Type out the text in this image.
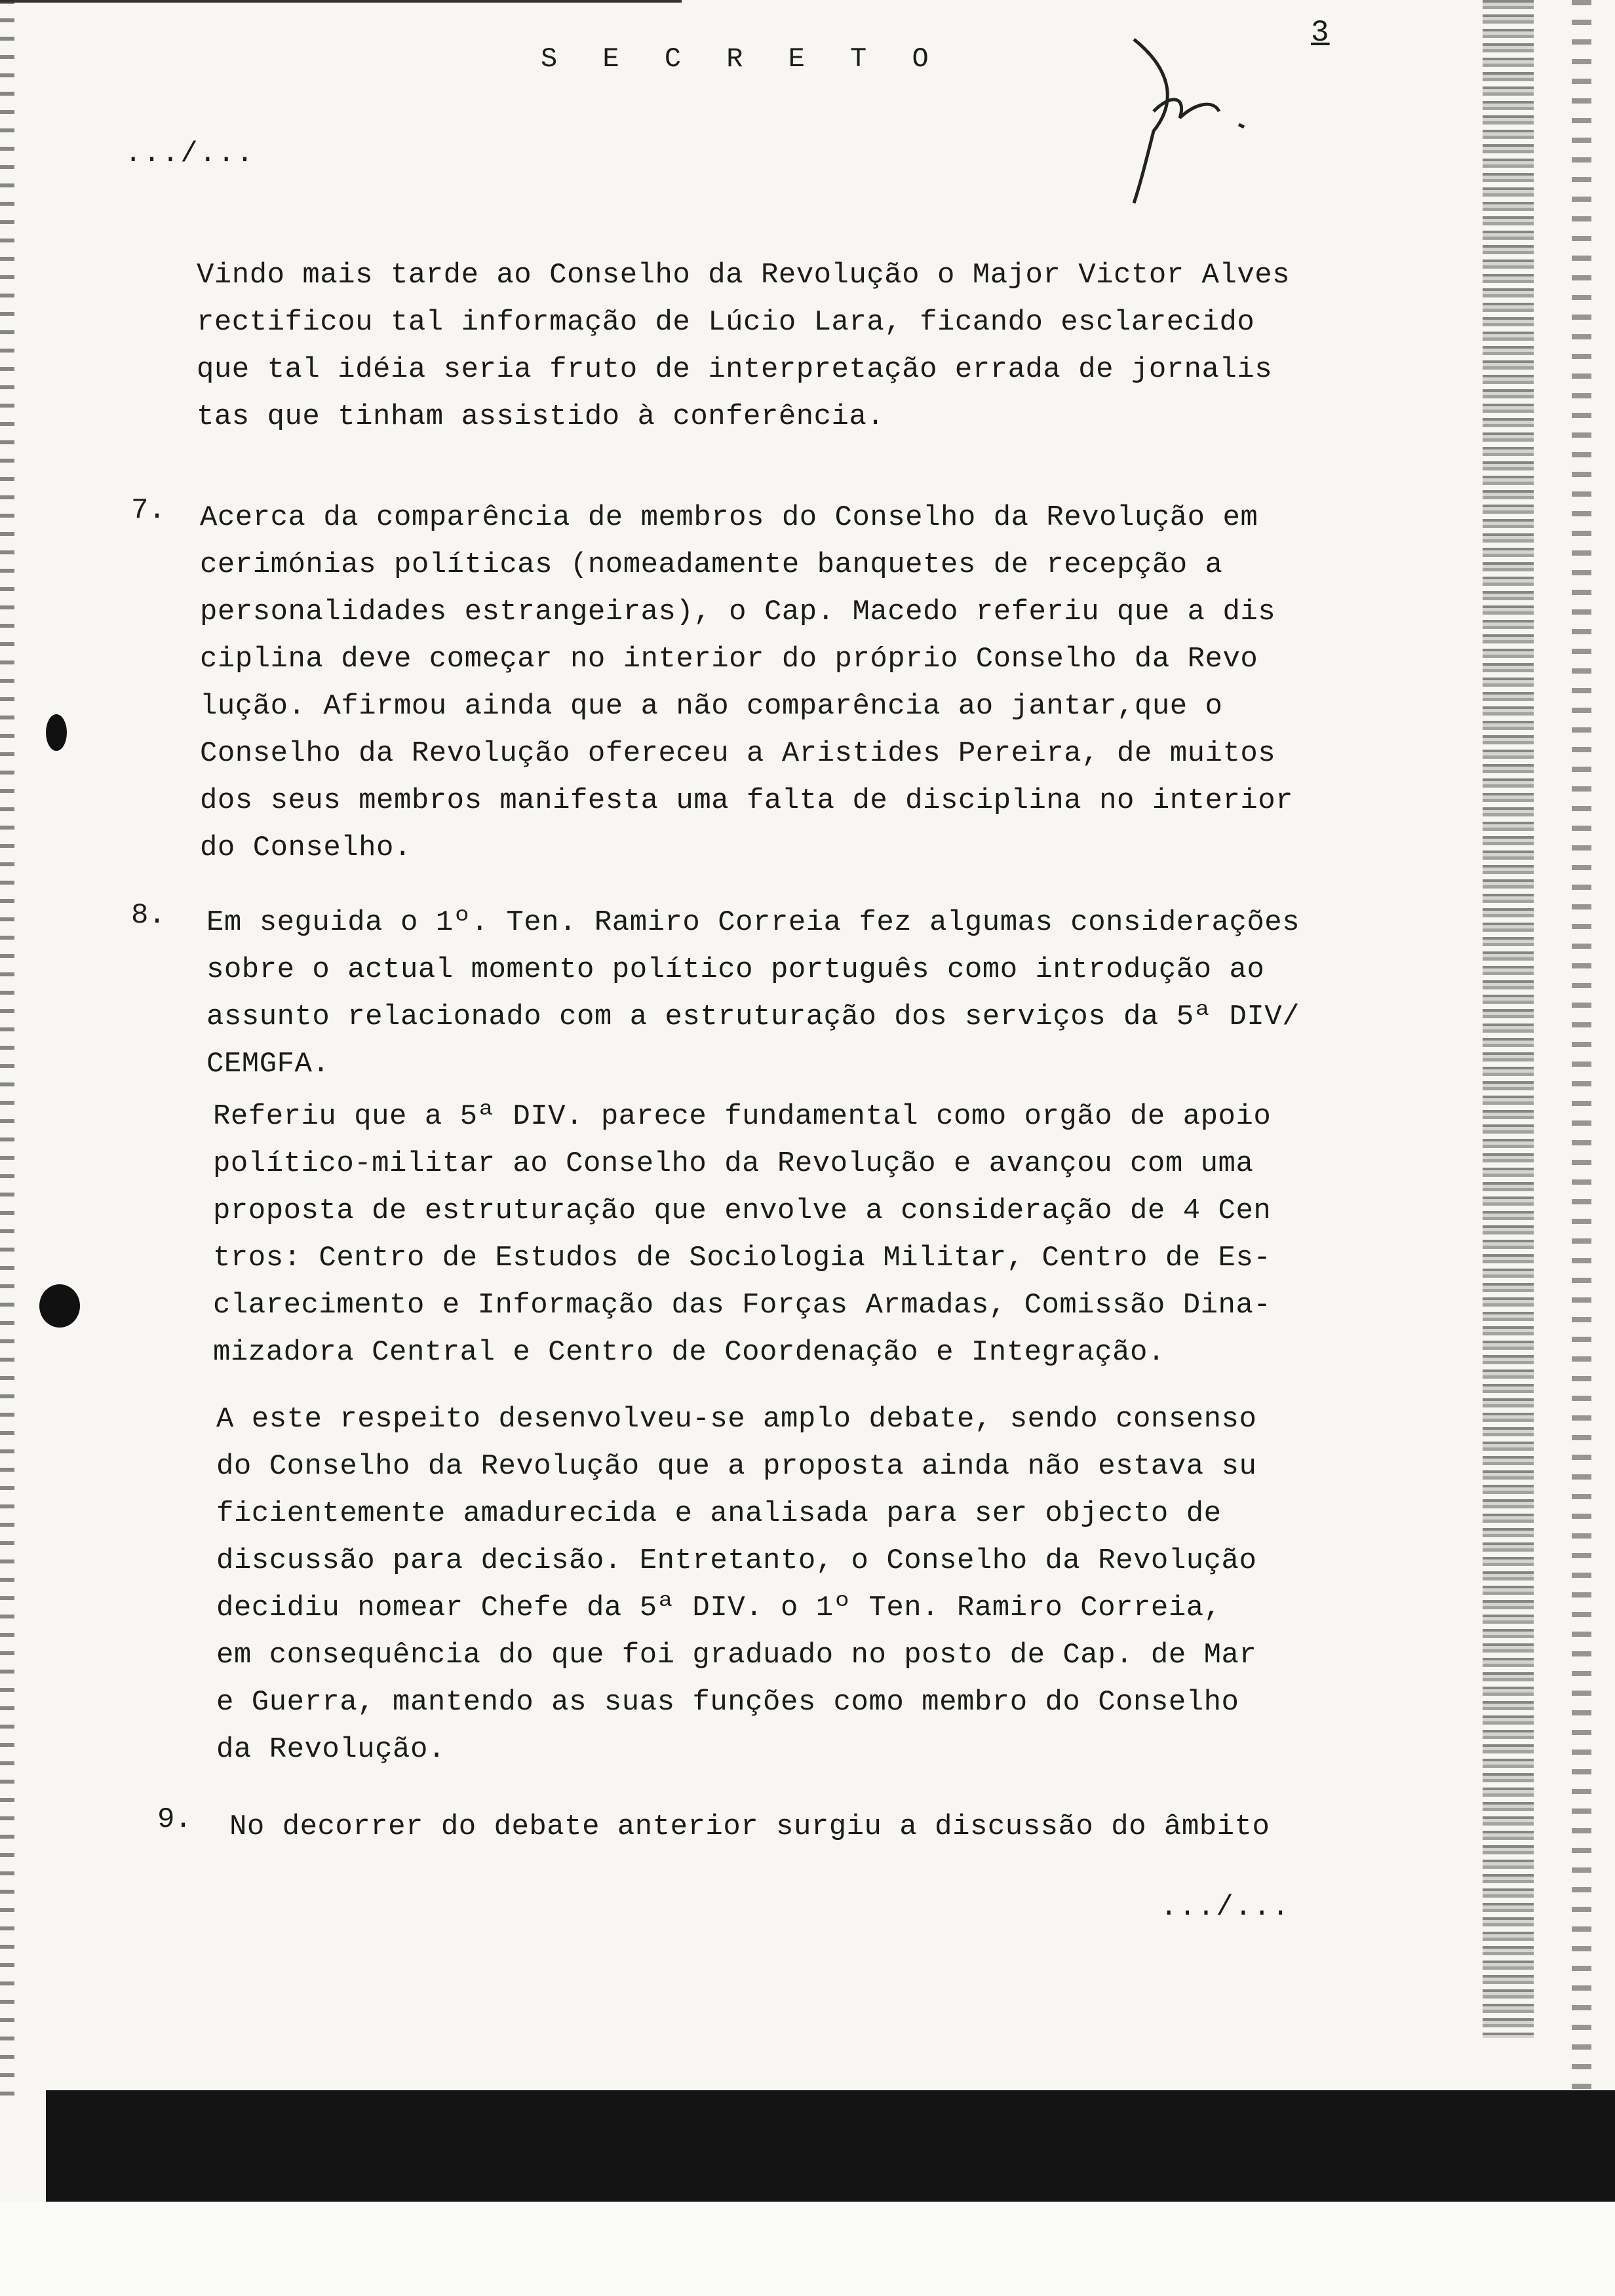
S E C R E T O
3
.../...
Vindo mais tarde ao Conselho da Revolução o Major Victor Alves
rectificou tal informação de Lúcio Lara, ficando esclarecido
que tal idéia seria fruto de interpretação errada de jornalis
tas que tinham assistido à conferência.
7. Acerca da comparência de membros do Conselho da Revolução em
cerimónias políticas (nomeadamente banquetes de recepção a
personalidades estrangeiras), o Cap. Macedo referiu que a dis
ciplina deve começar no interior do próprio Conselho da Revo
lução. Afirmou ainda que a não comparência ao jantar,que o
Conselho da Revolução ofereceu a Aristides Pereira, de muitos
dos seus membros manifesta uma falta de disciplina no interior
do Conselho.
8. Em seguida o 1º. Ten. Ramiro Correia fez algumas considerações
sobre o actual momento político português como introdução ao
assunto relacionado com a estruturação dos serviços da 5ª DIV/
CEMGFA.
Referiu que a 5ª DIV. parece fundamental como orgão de apoio
político-militar ao Conselho da Revolução e avançou com uma
proposta de estruturação que envolve a consideração de 4 Cen
tros: Centro de Estudos de Sociologia Militar, Centro de Es-
clarecimento e Informação das Forças Armadas, Comissão Dina-
mizadora Central e Centro de Coordenação e Integração.
A este respeito desenvolveu-se amplo debate, sendo consenso
do Conselho da Revolução que a proposta ainda não estava su
ficientemente amadurecida e analisada para ser objecto de
discussão para decisão. Entretanto, o Conselho da Revolução
decidiu nomear Chefe da 5ª DIV. o 1º Ten. Ramiro Correia,
em consequência do que foi graduado no posto de Cap. de Mar
e Guerra, mantendo as suas funções como membro do Conselho
da Revolução.
9. No decorrer do debate anterior surgiu a discussão do âmbito
.../...
